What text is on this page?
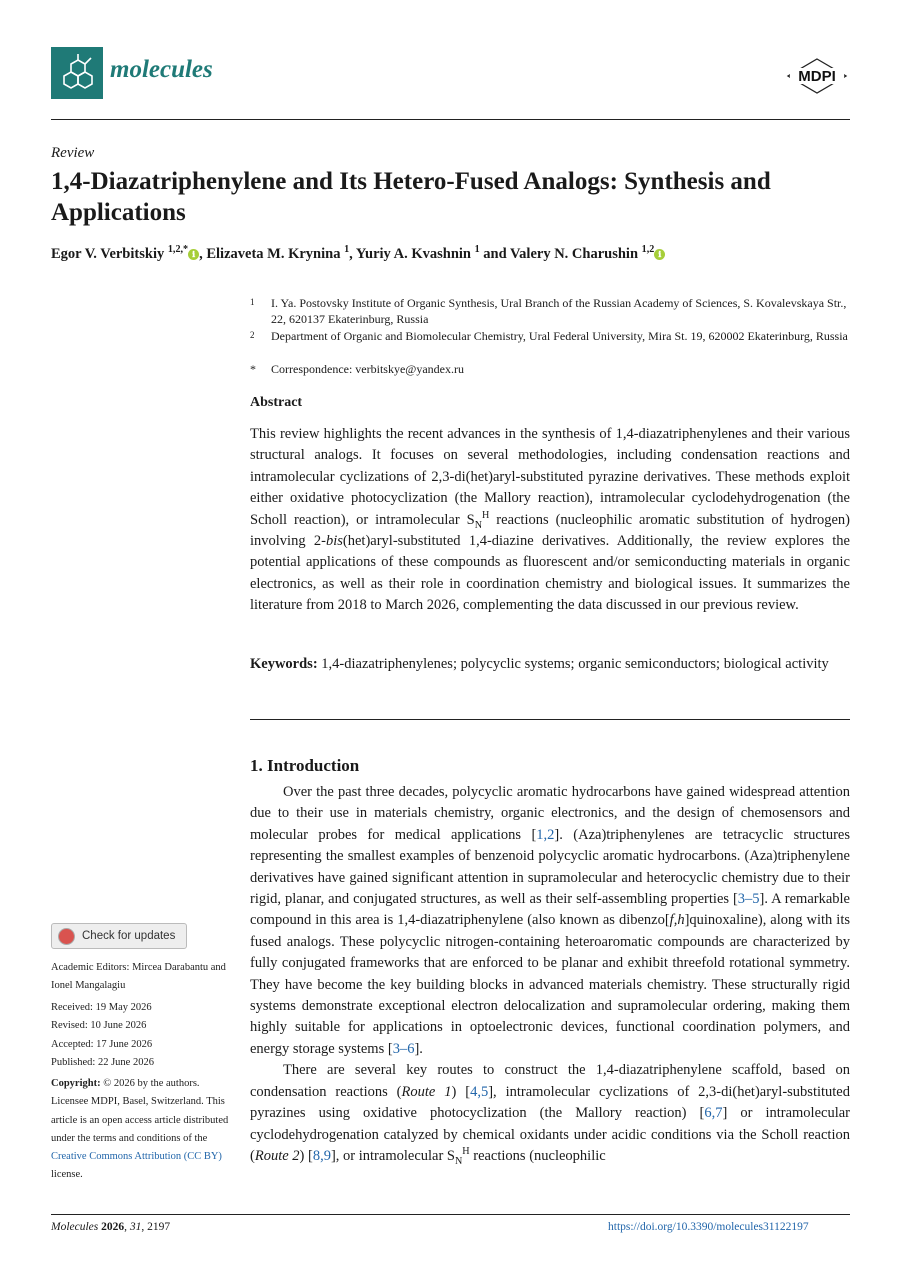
molecules	MDPI
Review
1,4-Diazatriphenylene and Its Hetero-Fused Analogs: Synthesis and Applications
Egor V. Verbitskiy $^{1,2,*}$ ℹ , Elizaveta M. Krynina $^1$, Yuriy A. Kvashnin $^1$ and Valery N. Charushin $^{1,2}$ ℹ
1 I. Ya. Postovsky Institute of Organic Synthesis, Ural Branch of the Russian Academy of Sciences, S. Kovalevskaya Str., 22, 620137 Ekaterinburg, Russia
2 Department of Organic and Biomolecular Chemistry, Ural Federal University, Mira St. 19, 620002 Ekaterinburg, Russia
* Correspondence: verbitskye@yandex.ru
Abstract
This review highlights the recent advances in the synthesis of 1,4-diazatriphenylenes and their various structural analogs. It focuses on several methodologies, including condensation reactions and intramolecular cyclizations of 2,3-di(het)aryl-substituted pyrazine derivatives. These methods exploit either oxidative photocyclization (the Mallory reaction), intramolecular cyclodehydrogenation (the Scholl reaction), or intramolecular $S_N^H$ reactions (nucleophilic aromatic substitution of hydrogen) involving 2-bis(het)aryl-substituted 1,4-diazine derivatives. Additionally, the review explores the potential applications of these compounds as fluorescent and/or semiconducting materials in organic electronics, as well as their role in coordination chemistry and biological issues. It summarizes the literature from 2018 to March 2026, complementing the data discussed in our previous review.
Keywords: 1,4-diazatriphenylenes; polycyclic systems; organic semiconductors; biological activity
1. Introduction

Over the past three decades, polycyclic aromatic hydrocarbons have gained widespread attention due to their use in materials chemistry, organic electronics, and the design of chemosensors and molecular probes for medical applications [1,2]. (Aza)triphenylenes are tetracyclic structures representing the smallest examples of benzenoid polycyclic aromatic hydrocarbons. (Aza)triphenylene derivatives have gained significant attention in supramolecular and heterocyclic chemistry due to their rigid, planar, and conjugated structures, as well as their self-assembling properties [3–5]. A remarkable compound in this area is 1,4-diazatriphenylene (also known as dibenzo[f,h]quinoxaline), along with its fused analogs. These polycyclic nitrogen-containing heteroaromatic compounds are characterized by fully conjugated frameworks that are enforced to be planar and exhibit threefold rotational symmetry. They have become the key building blocks in advanced materials chemistry. These structurally rigid systems demonstrate exceptional electron delocalization and supramolecular ordering, making them highly suitable for applications in optoelectronic devices, functional coordination polymers, and energy storage systems [3–6].

There are several key routes to construct the 1,4-diazatriphenylene scaffold, based on condensation reactions (Route 1) [4,5], intramolecular cyclizations of 2,3-di(het)aryl-substituted pyrazines using oxidative photocyclization (the Mallory reaction) [6,7] or intramolecular cyclodehydrogenation catalyzed by chemical oxidants under acidic conditions via the Scholl reaction (Route 2) [8,9], or intramolecular $S_N^H$ reactions (nucleophilic

Check for updates
Academic Editors: Mircea Darabantu and Ionel Mangalagiu
Received: 19 May 2026
Revised: 10 June 2026
Accepted: 17 June 2026
Published: 22 June 2026
Copyright: © 2026 by the authors. Licensee MDPI, Basel, Switzerland. This article is an open access article distributed under the terms and conditions of the Creative Commons Attribution (CC BY) license.
Molecules 2026, 31, 2197	https://doi.org/10.3390/molecules31122197
